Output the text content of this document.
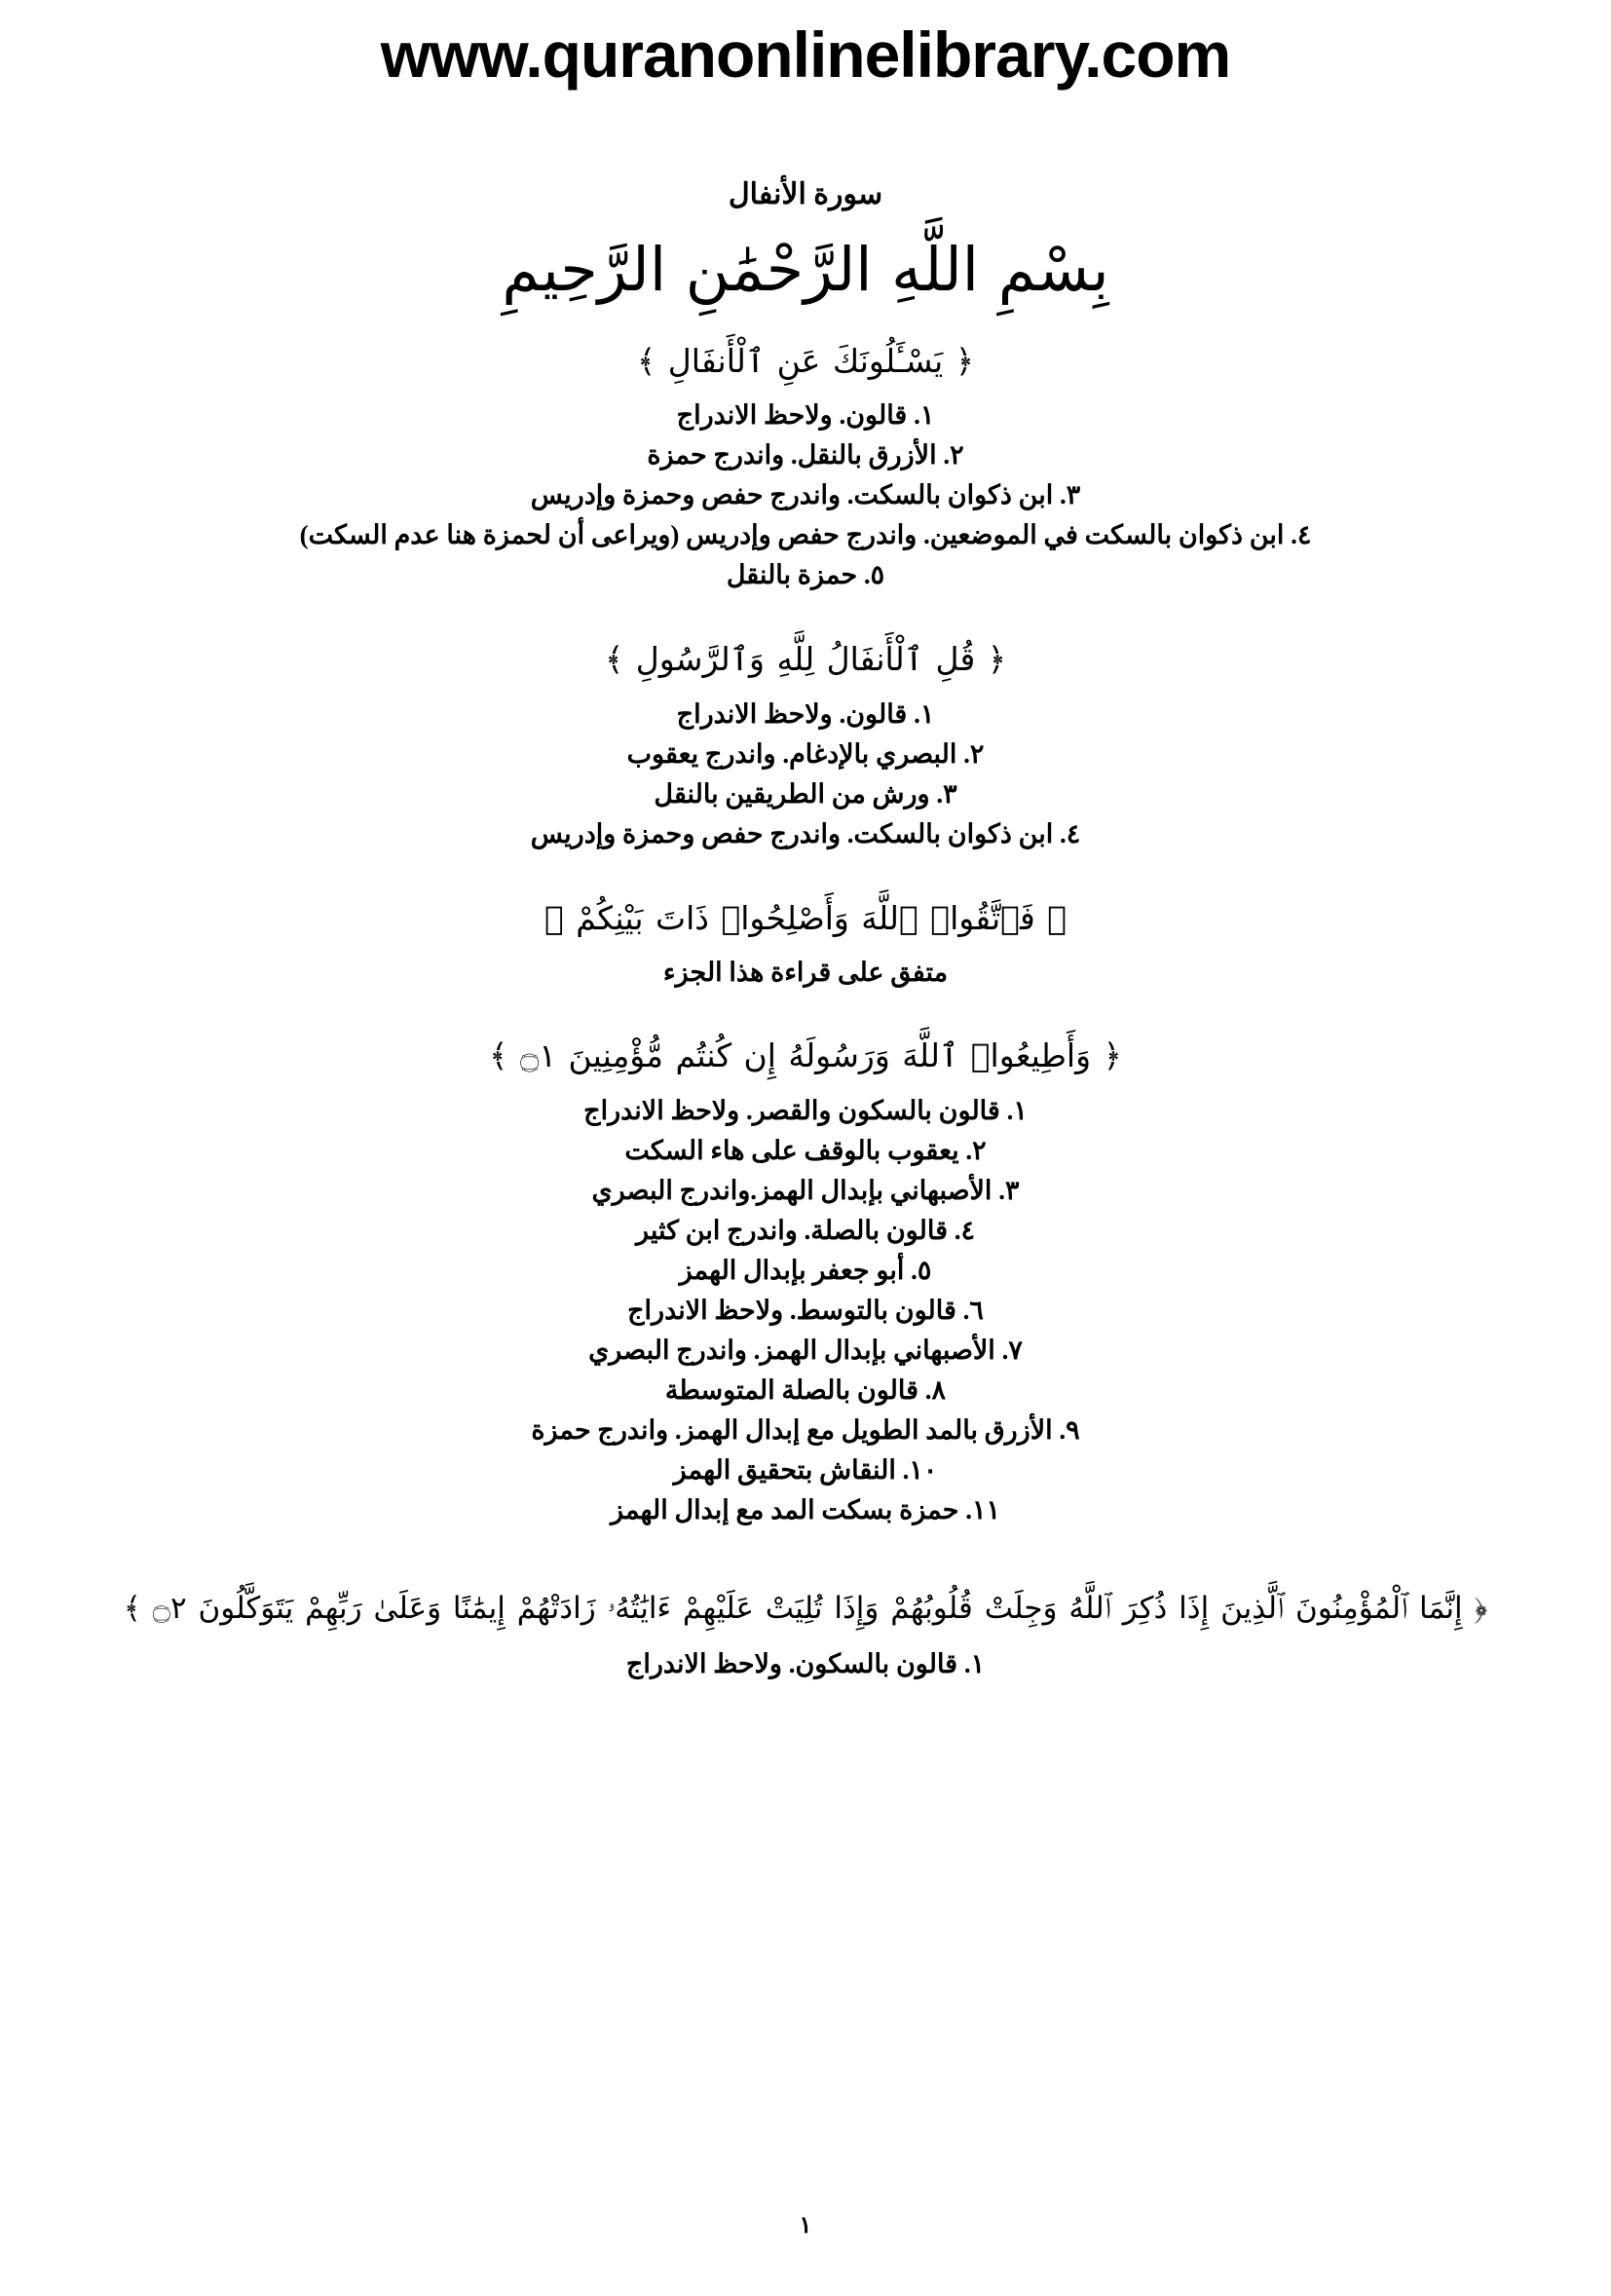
www.quranonlinelibrary.com
سورة الأنفال
بِسْمِ اللَّهِ الرَّحْمَٰنِ الرَّحِيمِ
﴿ يَسْـَٔلُونَكَ عَنِ ٱلْأَنفَالِ ﴾
١. قالون. ولاحظ الاندراج
٢. الأزرق بالنقل. واندرج حمزة
٣. ابن ذكوان بالسكت. واندرج حفص وحمزة وإدريس
٤. ابن ذكوان بالسكت في الموضعين. واندرج حفص وإدريس (ويراعى أن لحمزة هنا عدم السكت)
٥. حمزة بالنقل
﴿ قُلِ ٱلْأَنفَالُ لِلَّهِ وَٱلرَّسُولِ ﴾
١. قالون. ولاحظ الاندراج
٢. البصري بالإدغام. واندرج يعقوب
٣. ورش من الطريقين بالنقل
٤. ابن ذكوان بالسكت. واندرج حفص وحمزة وإدريس
﴿ فَٱتَّقُوا۟ ٱللَّهَ وَأَصْلِحُوا۟ ذَاتَ بَيْنِكُمْ ﴾
متفق على قراءة هذا الجزء
﴿ وَأَطِيعُوا۟ ٱللَّهَ وَرَسُولَهُ إِن كُنتُم مُّؤْمِنِينَ ۝١ ﴾
١. قالون بالسكون والقصر. ولاحظ الاندراج
٢. يعقوب بالوقف على هاء السكت
٣. الأصبهاني بإبدال الهمز.واندرج البصري
٤. قالون بالصلة. واندرج ابن كثير
٥. أبو جعفر بإبدال الهمز
٦. قالون بالتوسط. ولاحظ الاندراج
٧. الأصبهاني بإبدال الهمز. واندرج البصري
٨. قالون بالصلة المتوسطة
٩. الأزرق بالمد الطويل مع إبدال الهمز. واندرج حمزة
١٠. النقاش بتحقيق الهمز
١١. حمزة بسكت المد مع إبدال الهمز
﴿ إِنَّمَا ٱلْمُؤْمِنُونَ ٱلَّذِينَ إِذَا ذُكِرَ ٱللَّهُ وَجِلَتْ قُلُوبُهُمْ وَإِذَا تُلِيَتْ عَلَيْهِمْ ءَايَٰتُهُۥ زَادَتْهُمْ إِيمَٰنًا وَعَلَىٰ رَبِّهِمْ يَتَوَكَّلُونَ ۝٢ ﴾
١. قالون بالسكون. ولاحظ الاندراج
١
